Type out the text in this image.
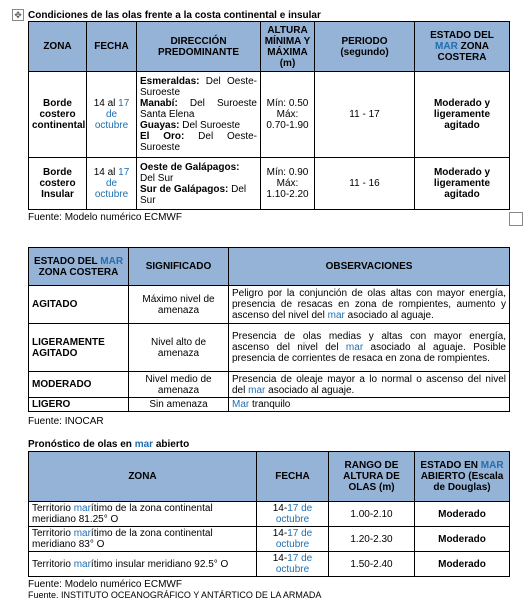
✥ Condiciones de las olas frente a la costa continental e insular
ZONA	FECHA	DIRECCIÓN PREDOMINANTE	ALTURA MÍNIMA Y MÁXIMA (m)	PERIODO (segundo)	ESTADO DEL MAR ZONA COSTERA
Borde costero continental	14 al 17 de octubre	Esmeraldas: Del Oeste-Suroeste
Manabí: Del Suroeste Santa Elena
Guayas: Del Suroeste
El Oro: Del Oeste-Suroeste	Mín: 0.50
Máx: 0.70-1.90	11 - 17	Moderado y ligeramente agitado
Borde costero Insular	14 al 17 de octubre	Oeste de Galápagos: Del Sur
Sur de Galápagos: Del Sur	Mín: 0.90
Máx: 1.10-2.20	11 - 16	Moderado y ligeramente agitado
Fuente: Modelo numérico ECMWF
ESTADO DEL MAR ZONA COSTERA	SIGNIFICADO	OBSERVACIONES
AGITADO	Máximo nivel de amenaza	Peligro por la conjunción de olas altas con mayor energía, presencia de resacas en zona de rompientes, aumento y ascenso del nivel del mar asociado al aguaje.
LIGERAMENTE AGITADO	Nivel alto de amenaza	Presencia de olas medias y altas con mayor energía, ascenso del nivel del mar asociado al aguaje. Posible presencia de corrientes de resaca en zona de rompientes.
MODERADO	Nivel medio de amenaza	Presencia de oleaje mayor a lo normal o ascenso del nivel del mar asociado al aguaje.
LIGERO	Sin amenaza	Mar tranquilo
Fuente: INOCAR
Pronóstico de olas en mar abierto
ZONA	FECHA	RANGO DE ALTURA DE OLAS (m)	ESTADO EN MAR ABIERTO (Escala de Douglas)
Territorio marítimo de la zona continental meridiano 81.25° O	14-17 de octubre	1.00-2.10	Moderado
Territorio marítimo de la zona continental meridiano 83° O	14-17 de octubre	1.20-2.30	Moderado
Territorio marítimo insular meridiano 92.5° O	14-17 de octubre	1.50-2.40	Moderado
Fuente: Modelo numérico ECMWF
Fuente. INSTITUTO OCEANOGRÁFICO Y ANTÁRTICO DE LA ARMADA
